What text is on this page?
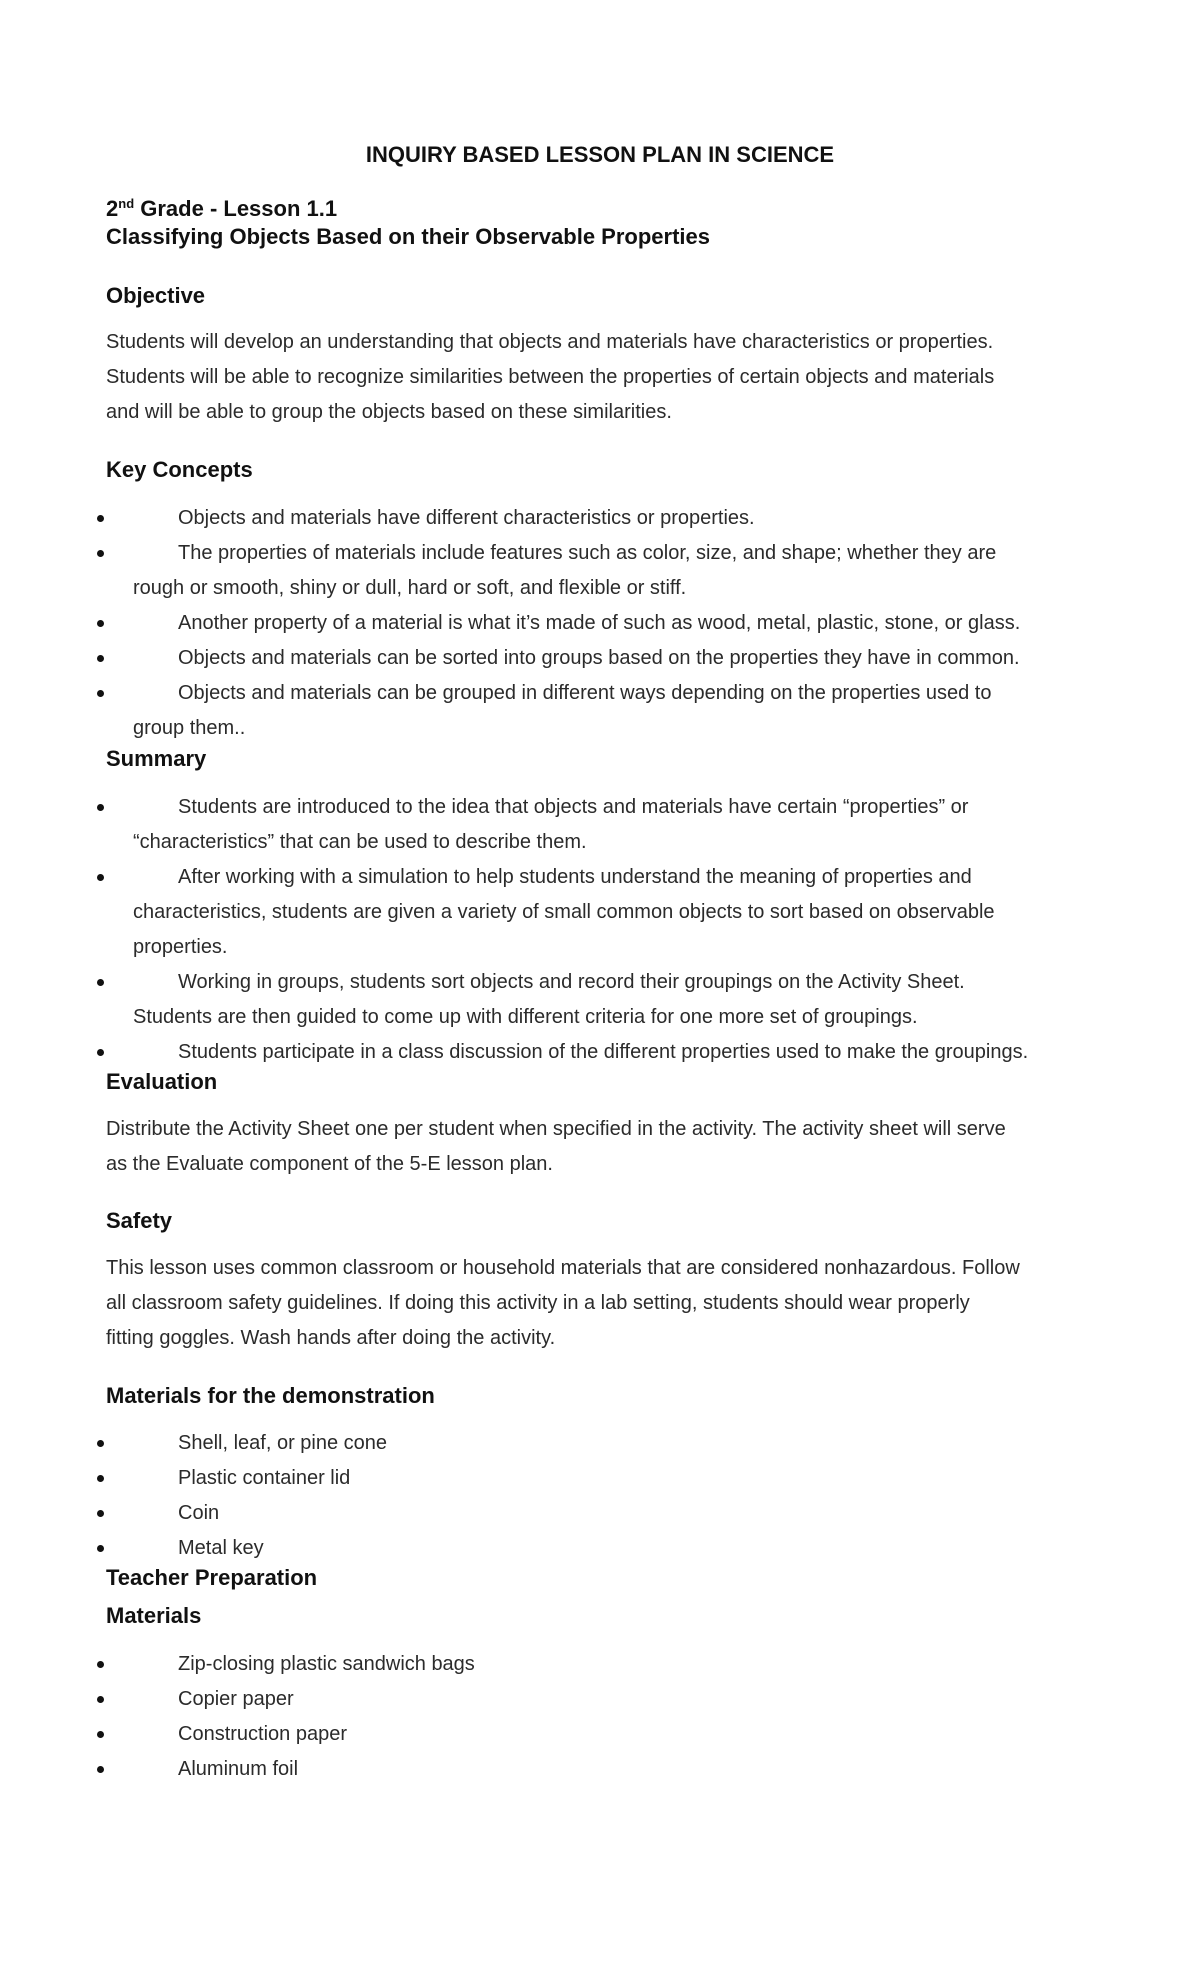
INQUIRY BASED LESSON PLAN IN SCIENCE
2nd Grade - Lesson 1.1
Classifying Objects Based on their Observable Properties
Objective
Students will develop an understanding that objects and materials have characteristics or properties.
Students will be able to recognize similarities between the properties of certain objects and materials
and will be able to group the objects based on these similarities.
Key Concepts
Objects and materials have different characteristics or properties.
The properties of materials include features such as color, size, and shape; whether they are
rough or smooth, shiny or dull, hard or soft, and flexible or stiff.
Another property of a material is what it’s made of such as wood, metal, plastic, stone, or glass.
Objects and materials can be sorted into groups based on the properties they have in common.
Objects and materials can be grouped in different ways depending on the properties used to
group them..
Summary
Students are introduced to the idea that objects and materials have certain “properties” or
“characteristics” that can be used to describe them.
After working with a simulation to help students understand the meaning of properties and
characteristics, students are given a variety of small common objects to sort based on observable
properties.
Working in groups, students sort objects and record their groupings on the Activity Sheet.
Students are then guided to come up with different criteria for one more set of groupings.
Students participate in a class discussion of the different properties used to make the groupings.
Evaluation
Distribute the Activity Sheet one per student when specified in the activity. The activity sheet will serve
as the Evaluate component of the 5-E lesson plan.
Safety
This lesson uses common classroom or household materials that are considered nonhazardous. Follow
all classroom safety guidelines. If doing this activity in a lab setting, students should wear properly
fitting goggles. Wash hands after doing the activity.
Materials for the demonstration
Shell, leaf, or pine cone
Plastic container lid
Coin
Metal key
Teacher Preparation
Materials
Zip-closing plastic sandwich bags
Copier paper
Construction paper
Aluminum foil
